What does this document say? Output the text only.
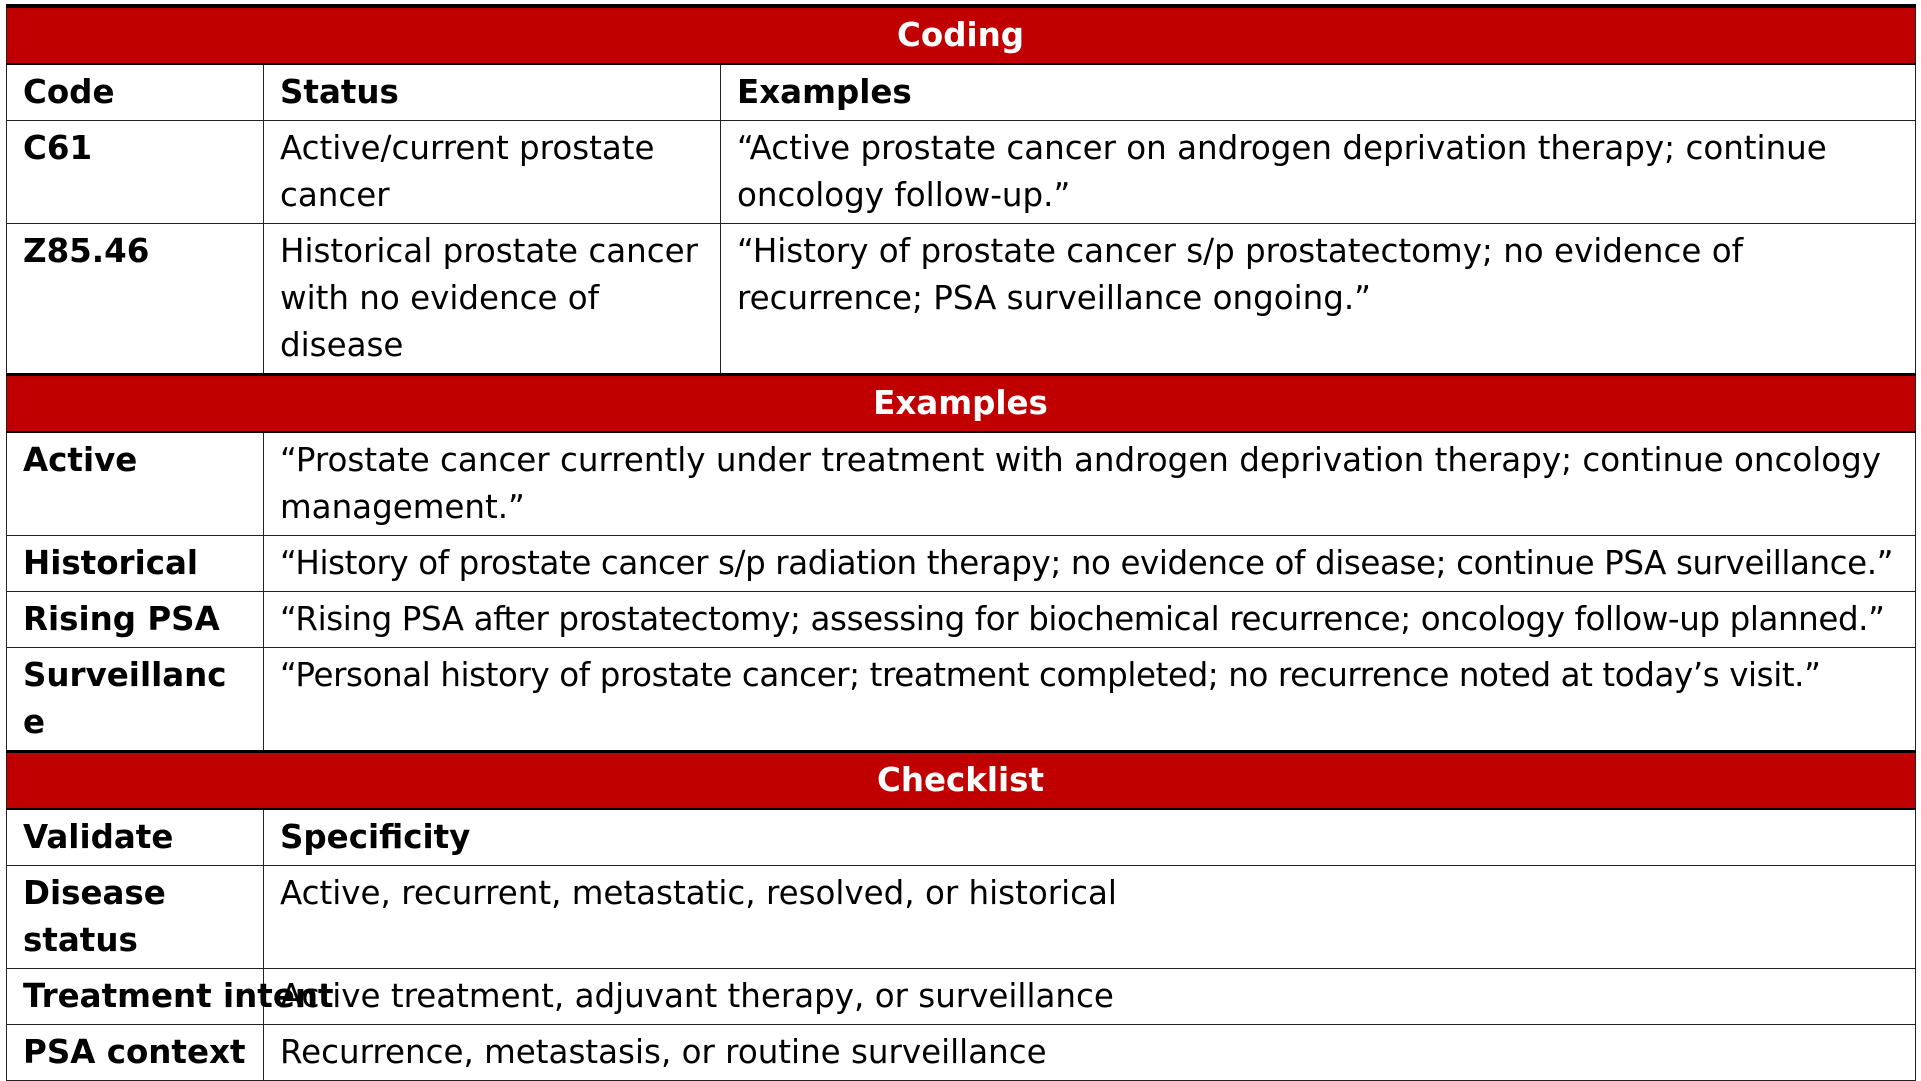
Coding		
Code	Status	Examples
C61	Active/current prostate cancer	“Active prostate cancer on androgen deprivation therapy; continue oncology follow-up.”
Z85.46	Historical prostate cancer with no evidence of disease	“History of prostate cancer s/p prostatectomy; no evidence of recurrence; PSA surveillance ongoing.”
Examples		
Active	“Prostate cancer currently under treatment with androgen deprivation therapy; continue oncology management.”	
Historical	“History of prostate cancer s/p radiation therapy; no evidence of disease; continue PSA surveillance.”	
Rising PSA	“Rising PSA after prostatectomy; assessing for biochemical recurrence; oncology follow-up planned.”	
Surveillance	“Personal history of prostate cancer; treatment completed; no recurrence noted at today’s visit.”	
Checklist		
Validate	Specificity	
Disease status	Active, recurrent, metastatic, resolved, or historical	
Treatment intent	Active treatment, adjuvant therapy, or surveillance	
PSA context	Recurrence, metastasis, or routine surveillance	
